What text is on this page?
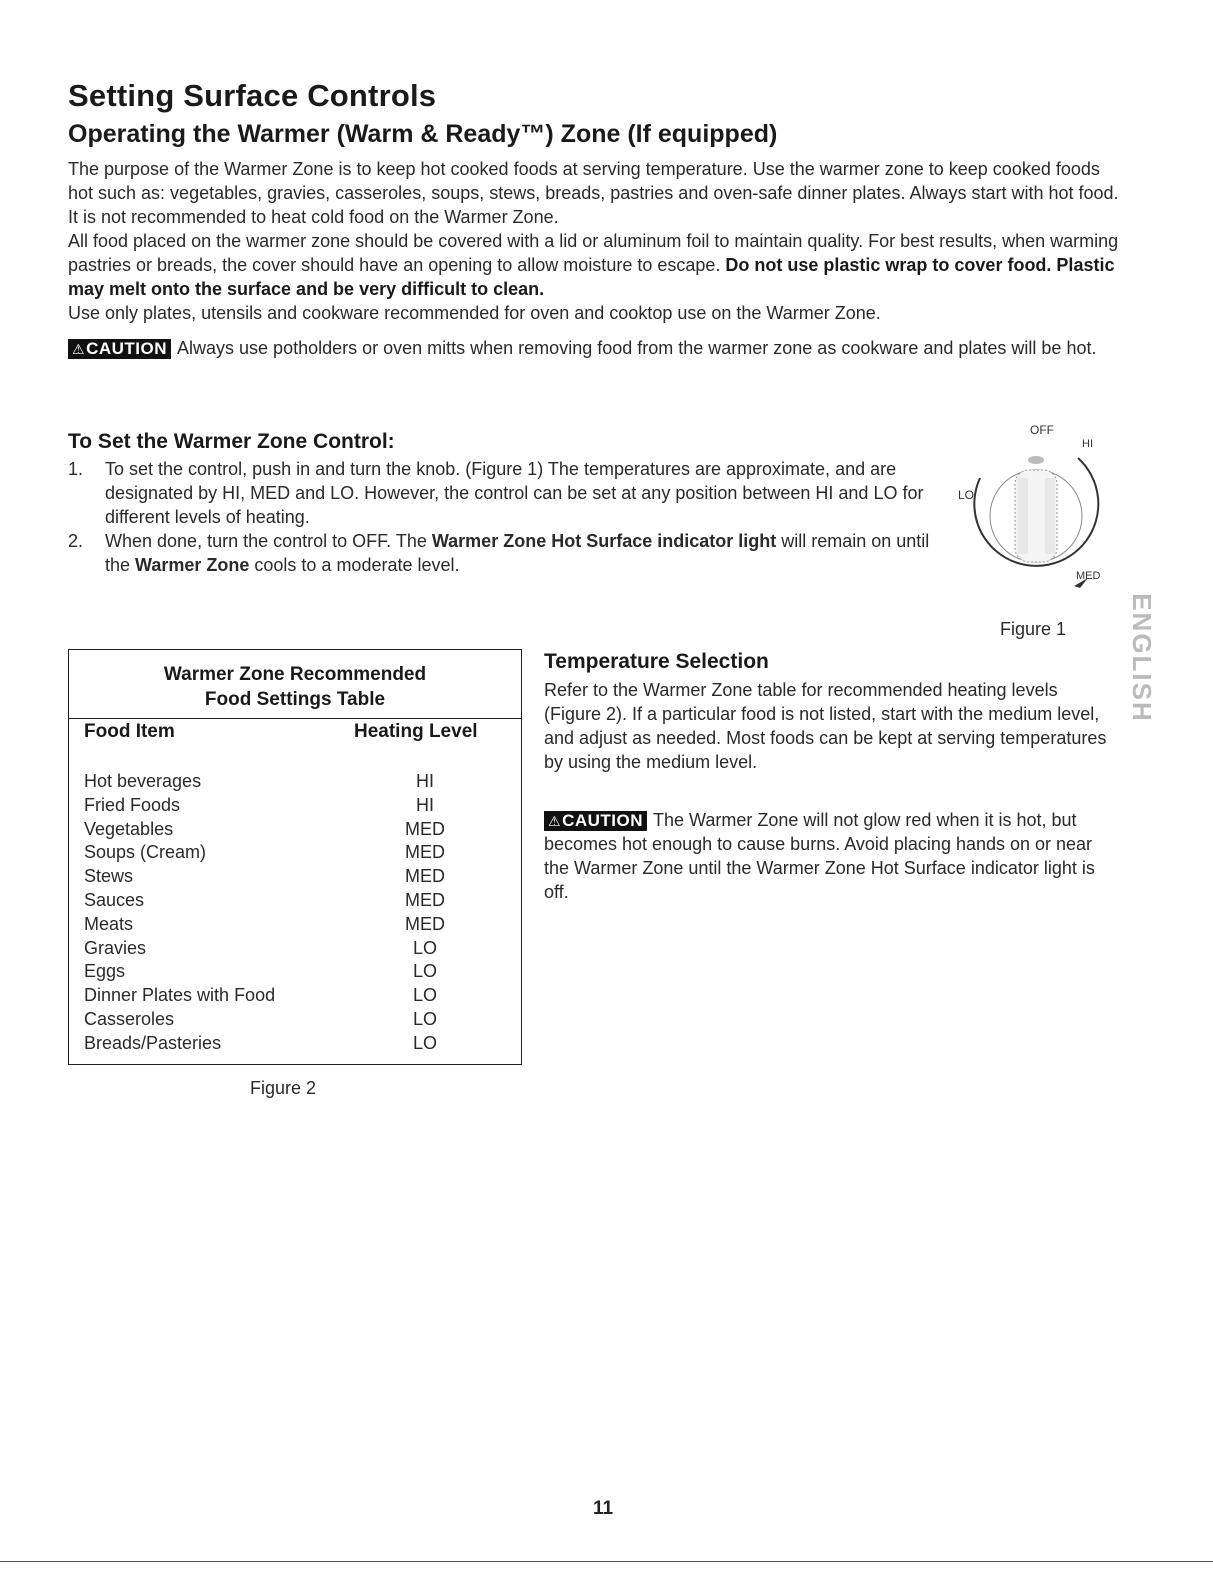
Setting Surface Controls
Operating the Warmer (Warm & Ready™) Zone (If equipped)

The purpose of the Warmer Zone is to keep hot cooked foods at serving temperature. Use the warmer zone to keep cooked foods hot such as: vegetables, gravies, casseroles, soups, stews, breads, pastries and oven-safe dinner plates. Always start with hot food. It is not recommended to heat cold food on the Warmer Zone.

All food placed on the warmer zone should be covered with a lid or aluminum foil to maintain quality. For best results, when warming pastries or breads, the cover should have an opening to allow moisture to escape. Do not use plastic wrap to cover food. Plastic may melt onto the surface and be very difficult to clean.

Use only plates, utensils and cookware recommended for oven and cooktop use on the Warmer Zone.

⚠CAUTION Always use potholders or oven mitts when removing food from the warmer zone as cookware and plates will be hot.

To Set the Warmer Zone Control:
1. To set the control, push in and turn the knob. (Figure 1) The temperatures are approximate, and are designated by HI, MED and LO. However, the control can be set at any position between HI and LO for different levels of heating.
2. When done, turn the control to OFF. The Warmer Zone Hot Surface indicator light will remain on until the Warmer Zone cools to a moderate level.
OFF
HI
LO
MED
Figure 1
Warmer Zone Recommended
Food Settings Table
Food Item	Heating Level
Hot beverages	HI
Fried Foods	HI
Vegetables	MED
Soups (Cream)	MED
Stews	MED
Sauces	MED
Meats	MED
Gravies	LO
Eggs	LO
Dinner Plates with Food	LO
Casseroles	LO
Breads/Pasteries	LO
Figure 2
Temperature Selection
Refer to the Warmer Zone table for recommended heating levels (Figure 2). If a particular food is not listed, start with the medium level, and adjust as needed. Most foods can be kept at serving temperatures by using the medium level.
⚠CAUTION The Warmer Zone will not glow red when it is hot, but becomes hot enough to cause burns. Avoid placing hands on or near the Warmer Zone until the Warmer Zone Hot Surface indicator light is off.
ENGLISH
11
